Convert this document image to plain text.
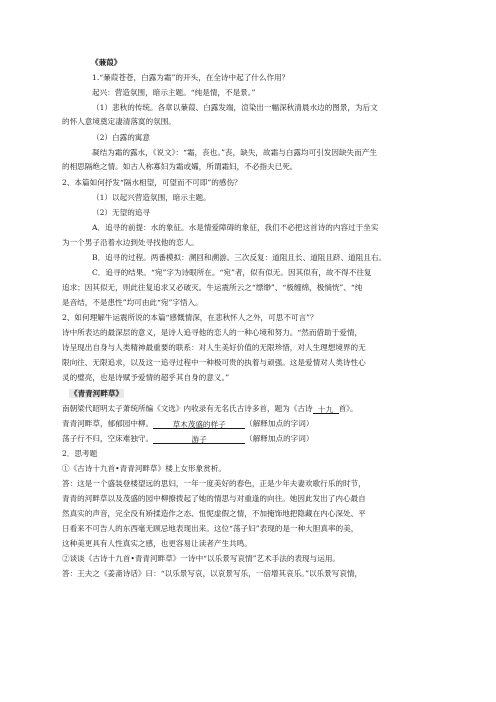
《蒹葭》
1.“蒹葭苍苍，白露为霜”的开头，在全诗中起了什么作用？
起兴：营造氛围，暗示主题。“纯是情，不是景。”
（1）悲秋的传统。各章以蒹葭、白露发端，渲染出一幅深秋清晨水边的图景，为后文
的怀人意境奠定凄清落寞的氛围。
（2）白露的寓意
凝结为霜的露水，《说文》：“霜，丧也。”丧，缺失，故霜与白露均可引发因缺失而产生
的相思隔绝之情。如古人称寡妇为霜或孀，所谓霜妇，不必指夫已死。
2、本篇如何抒发“隔水相望，可望而不可即”的感伤？
（1）以起兴营造氛围，暗示主题。
（2）无望的追寻
A．追寻的前提：水的象征。水是情爱障碍的象征，我们不必把这首诗的内容过于坐实
为一个男子沿着水边到处寻找他的恋人。
B．追寻的过程。两番模拟：溯回和溯游。三次反复：道阻且长、道阻且跻、道阻且右。
C．追寻的结果。“宛”字为诗眼所在。“宛”者，似有似无。因其似有，故不得不往复
追求；因其似无，则此往复追求又必破灭。牛运震所云之“缥缈”、“极缠绵，极惝恍”、“纯
是音结，不是患性”均可由此“宛”字悟入。
2、如何理解牛运震所说的本篇“感慨情深，在悲秋怀人之外，可思不可言”？
诗中所表达的最深层的意义，是诗人追寻他的恋人的一种心境和努力。“然而借助于爱情，
诗呈现出自身与人类精神最重要的联系：对人生美好价值的无限珍惜，对人生理想境界的无
限向往、无限追求，以及这一追寻过程中一种极可贵的执着与顽强。这是爱情对人类诗性心
灵的璧亮，也是诗赋予爱情的超乎其自身的意义。”
《青青河畔草》
南朝梁代昭明太子萧统所编《文选》内收录有无名氏古诗多首，题为《古诗 十九 首》。
青青河畔草，郁郁园中柳。	草木茂盛的样子	（解释加点的字词）
荡子行不归，空床难独守。	游子	（解释加点的字词）
2．思考题
①《古诗十九首•青青河畔草》楼上女形象赏析。
答：这是一个盛装登楼望远的思妇，一年一度美好的春色，正是少年夫妻欢歌行乐的时节，
青青的河畔草以及茂盛的园中柳撩拨起了她的情思与对重逢的向往。她因此发出了内心最自
然真实的声音，完全没有矫揉造作之态、忸怩虚假之情，不加掩饰地把隐藏在内心深处、平
日看来不可告人的东西毫无顾忌地表现出来。这位“荡子妇”表现的是一种大胆真率的美，
这种美更具有人性真实之感，也更容易让读者产生共鸣。
②谈谈《古诗十九首•青青河畔草》一诗中“以乐景写哀情”艺术手法的表现与运用。
答：王夫之《姜斋诗话》曰：“以乐景写哀，以哀景写乐，一倍增其哀乐。”以乐景写哀情，
